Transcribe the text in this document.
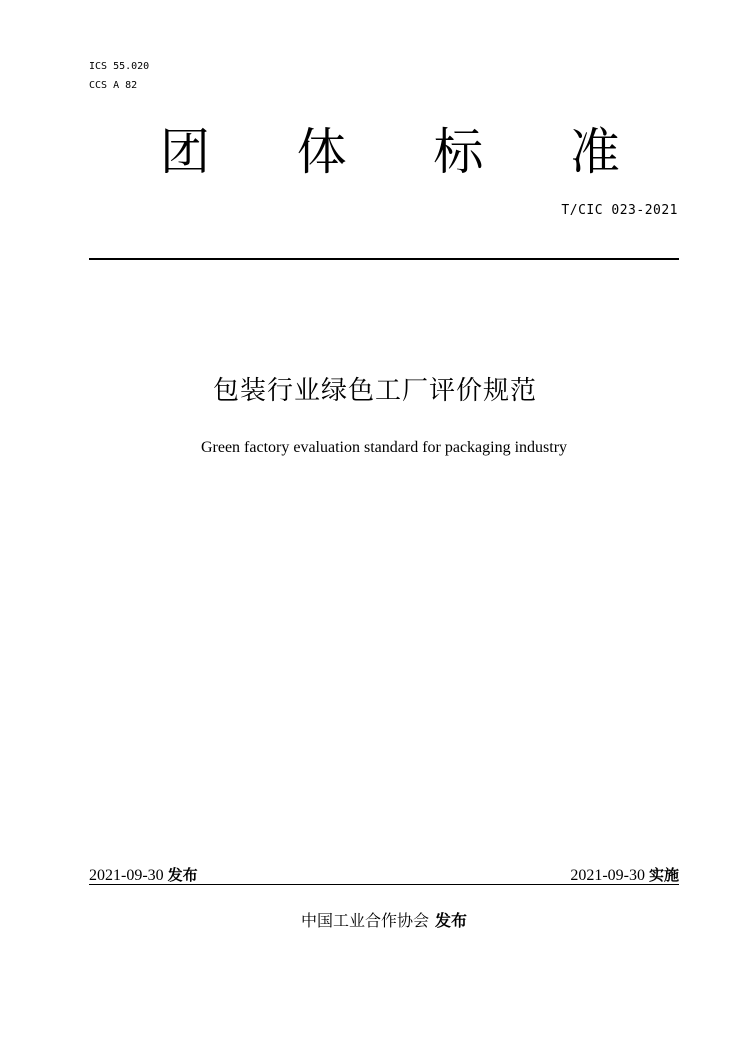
ICS 55.020
CCS A 82
团	体	标	准
T/CIC 023-2021
包装行业绿色工厂评价规范
Green factory evaluation standard for packaging industry
2021-09-30 发布	2021-09-30 实施
中国工业合作协会 发布
